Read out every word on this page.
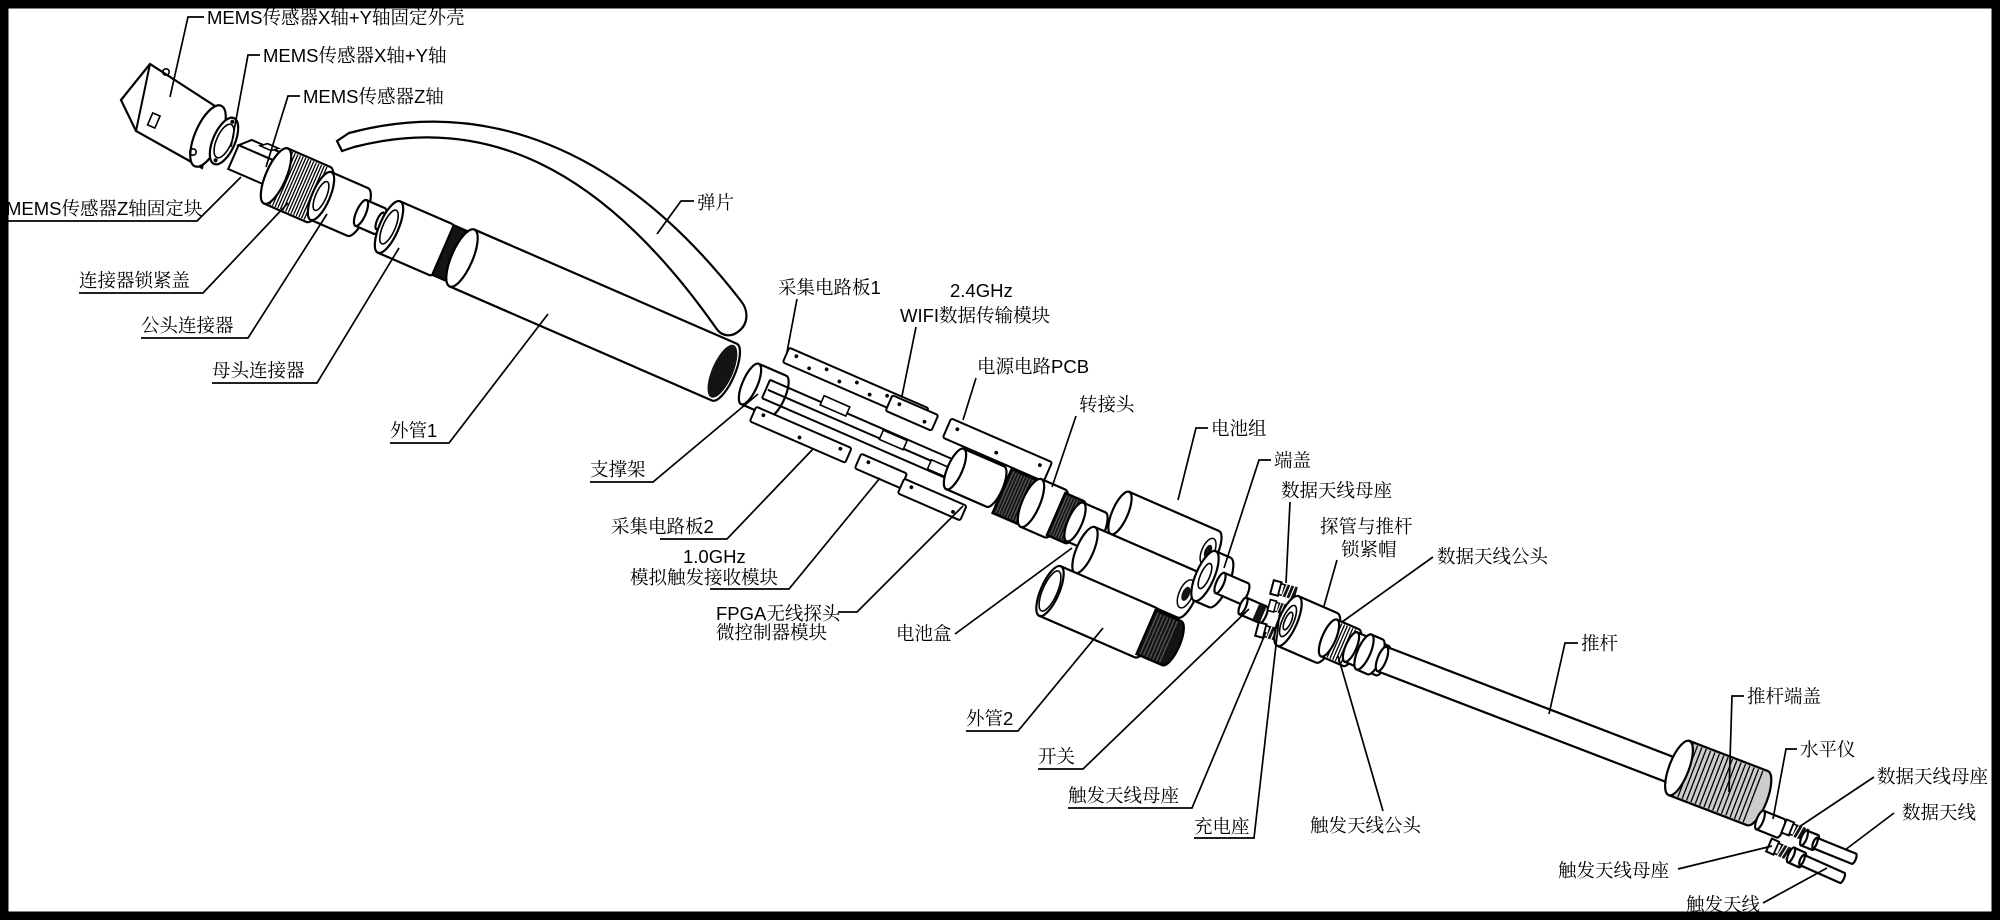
MEMS传感器X轴+Y轴固定外壳
MEMS传感器X轴+Y轴
MEMS传感器Z轴
MEMS传感器Z轴固定块
连接器锁紧盖
公头连接器
母头连接器
外管1
弹片
支撑架
采集电路板1	2.4GHz
WIFI数据传输模块
电源电路PCB
转接头
电池组
端盖
数据天线母座
探管与推杆
锁紧帽 数据天线公头
采集电路板2
1.0GHz
模拟触发接收模块
FPGA无线探头
微控制器模块	电池盒
外管2
开关
触发天线母座
充电座	触发天线公头
推杆
推杆端盖
水平仪
数据天线母座
数据天线
触发天线母座
触发天线
